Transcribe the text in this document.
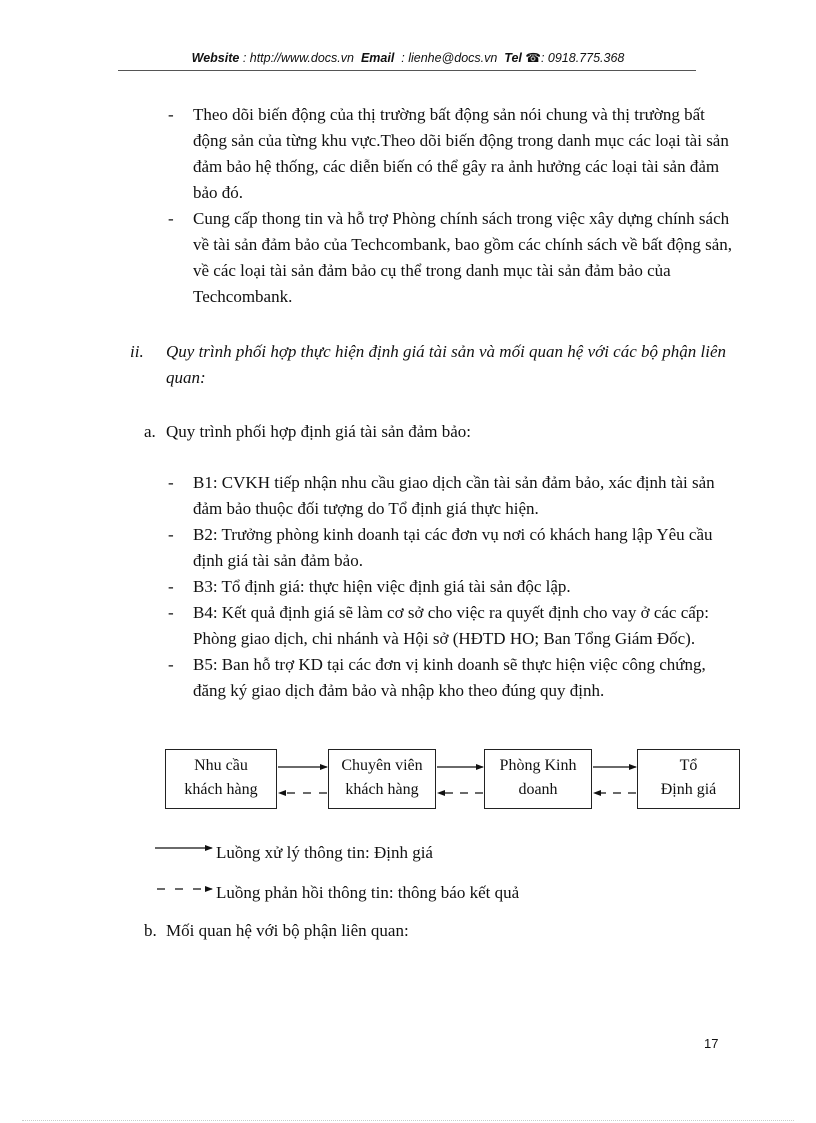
Website : http://www.docs.vn Email : lienhe@docs.vn Tel ☎: 0918.775.368

- Theo dõi biến động của thị trường bất động sản nói chung và thị trường bất động sản của từng khu vực.Theo dõi biến động trong danh mục các loại tài sản đảm bảo hệ thống, các diễn biến có thể gây ra ảnh hưởng các loại tài sản đảm bảo đó.

- Cung cấp thong tin và hỗ trợ Phòng chính sách trong việc xây dựng chính sách về tài sản đảm bảo của Techcombank, bao gồm các chính sách về bất động sản, về các loại tài sản đảm bảo cụ thể trong danh mục tài sản đảm bảo của Techcombank.

ii. Quy trình phối hợp thực hiện định giá tài sản và mối quan hệ với các bộ phận liên quan:
a. Quy trình phối hợp định giá tài sản đảm bảo:

- B1: CVKH tiếp nhận nhu cầu giao dịch cần tài sản đảm bảo, xác định tài sản đảm bảo thuộc đối tượng do Tổ định giá thực hiện.

- B2: Trưởng phòng kinh doanh tại các đơn vụ nơi có khách hang lập Yêu cầu định giá tài sản đảm bảo.

- B3: Tổ định giá: thực hiện việc định giá tài sản độc lập.

- B4: Kết quả định giá sẽ làm cơ sở cho việc ra quyết định cho vay ở các cấp: Phòng giao dịch, chi nhánh và Hội sở (HĐTD HO; Ban Tổng Giám Đốc).

- B5: Ban hỗ trợ KD tại các đơn vị kinh doanh sẽ thực hiện việc công chứng, đăng ký giao dịch đảm bảo và nhập kho theo đúng quy định.

Nhu cầu
khách hàng
Chuyên viên
khách hàng
Phòng Kinh
doanh
Tổ
Định giá
Luồng xử lý thông tin: Định giá
Luồng phản hồi thông tin: thông báo kết quả
b. Mối quan hệ với bộ phận liên quan:
17
